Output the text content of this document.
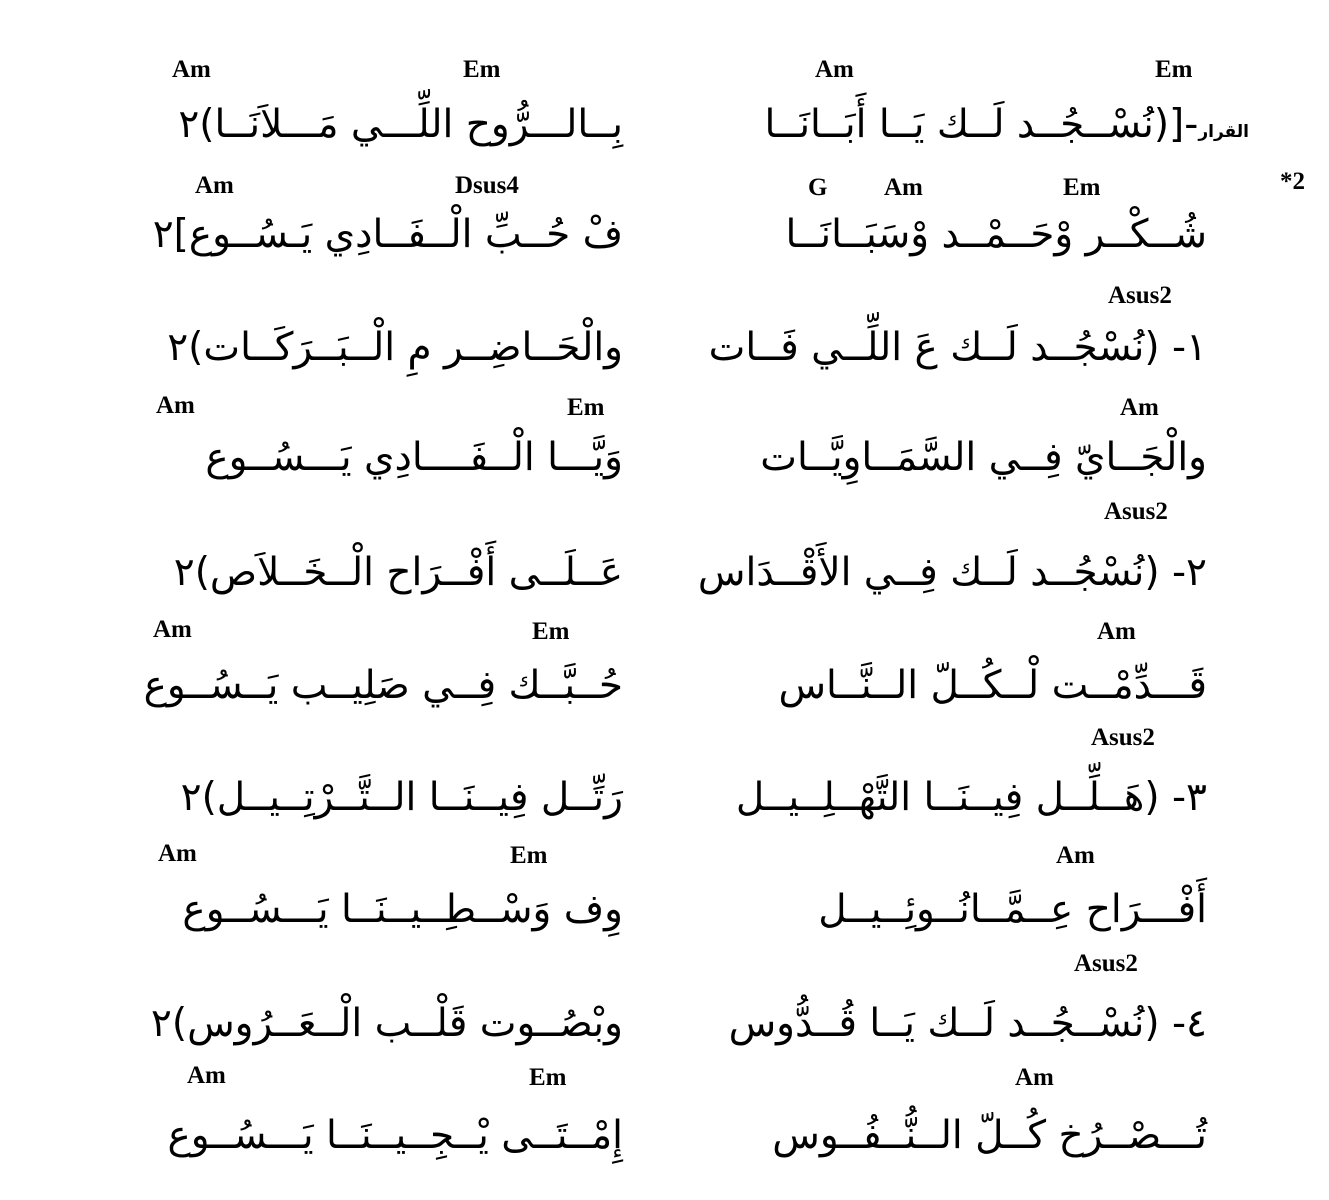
*2
Am	Em	Am	Em
القرار-[(نُسْــجُــد لَــك يَــا أَبَــانَــا
بِــالـــرُّوح اللِّـــي مَـــلاَنَــا)٢
Am	Dsus4	G Am	Em
شُــكْــر وْحَــمْــد وْسَبَــانَــا
فْ حُــبِّ الْــفَــادِي يَـسُــوع]٢
Asus2
١- (نُسْجُــد لَــك عَ اللِّــي فَــات
والْحَــاضِــر مِ الْــبَــرَكَــات)٢
Am	Em	Am
والْجَــايّ فِــي السَّمَــاوِيَّــات
وَيَّـــا الْــفَــــادِي يَـــسُــوع
Asus2
٢- (نُسْجُــد لَــك فِــي الأَقْــدَاس
عَــلَــى أَفْــرَاح الْــخَــلاَص)٢
Am	Em	Am
قَـــدِّمْــت لْــكُــلّ الــنَّــاس
حُــبَّــك فِــي صَلِيــب يَــسُــوع
Asus2
٣- (هَــلِّــل فِيــنَــا التَّهْــلِــيــل
رَتِّــل فِيــنَــا الــتَّــرْتِــيــل)٢
Am	Em	Am
أَفْـــرَاح عِــمَّــانُــوئِــيــل
وِف وَسْــطِــيــنَــا يَـــسُــوع
Asus2
٤- (نُسْــجُــد لَــك يَــا قُــدُّوس
وبْصُــوت قَلْــب الْــعَــرُوس)٢
Am	Em	Am
تُـــصْــرُخ كُــلّ الــنُّــفُــوس
إِمْــتَــى يْــجِــيــنَــا يَـــسُــوع
